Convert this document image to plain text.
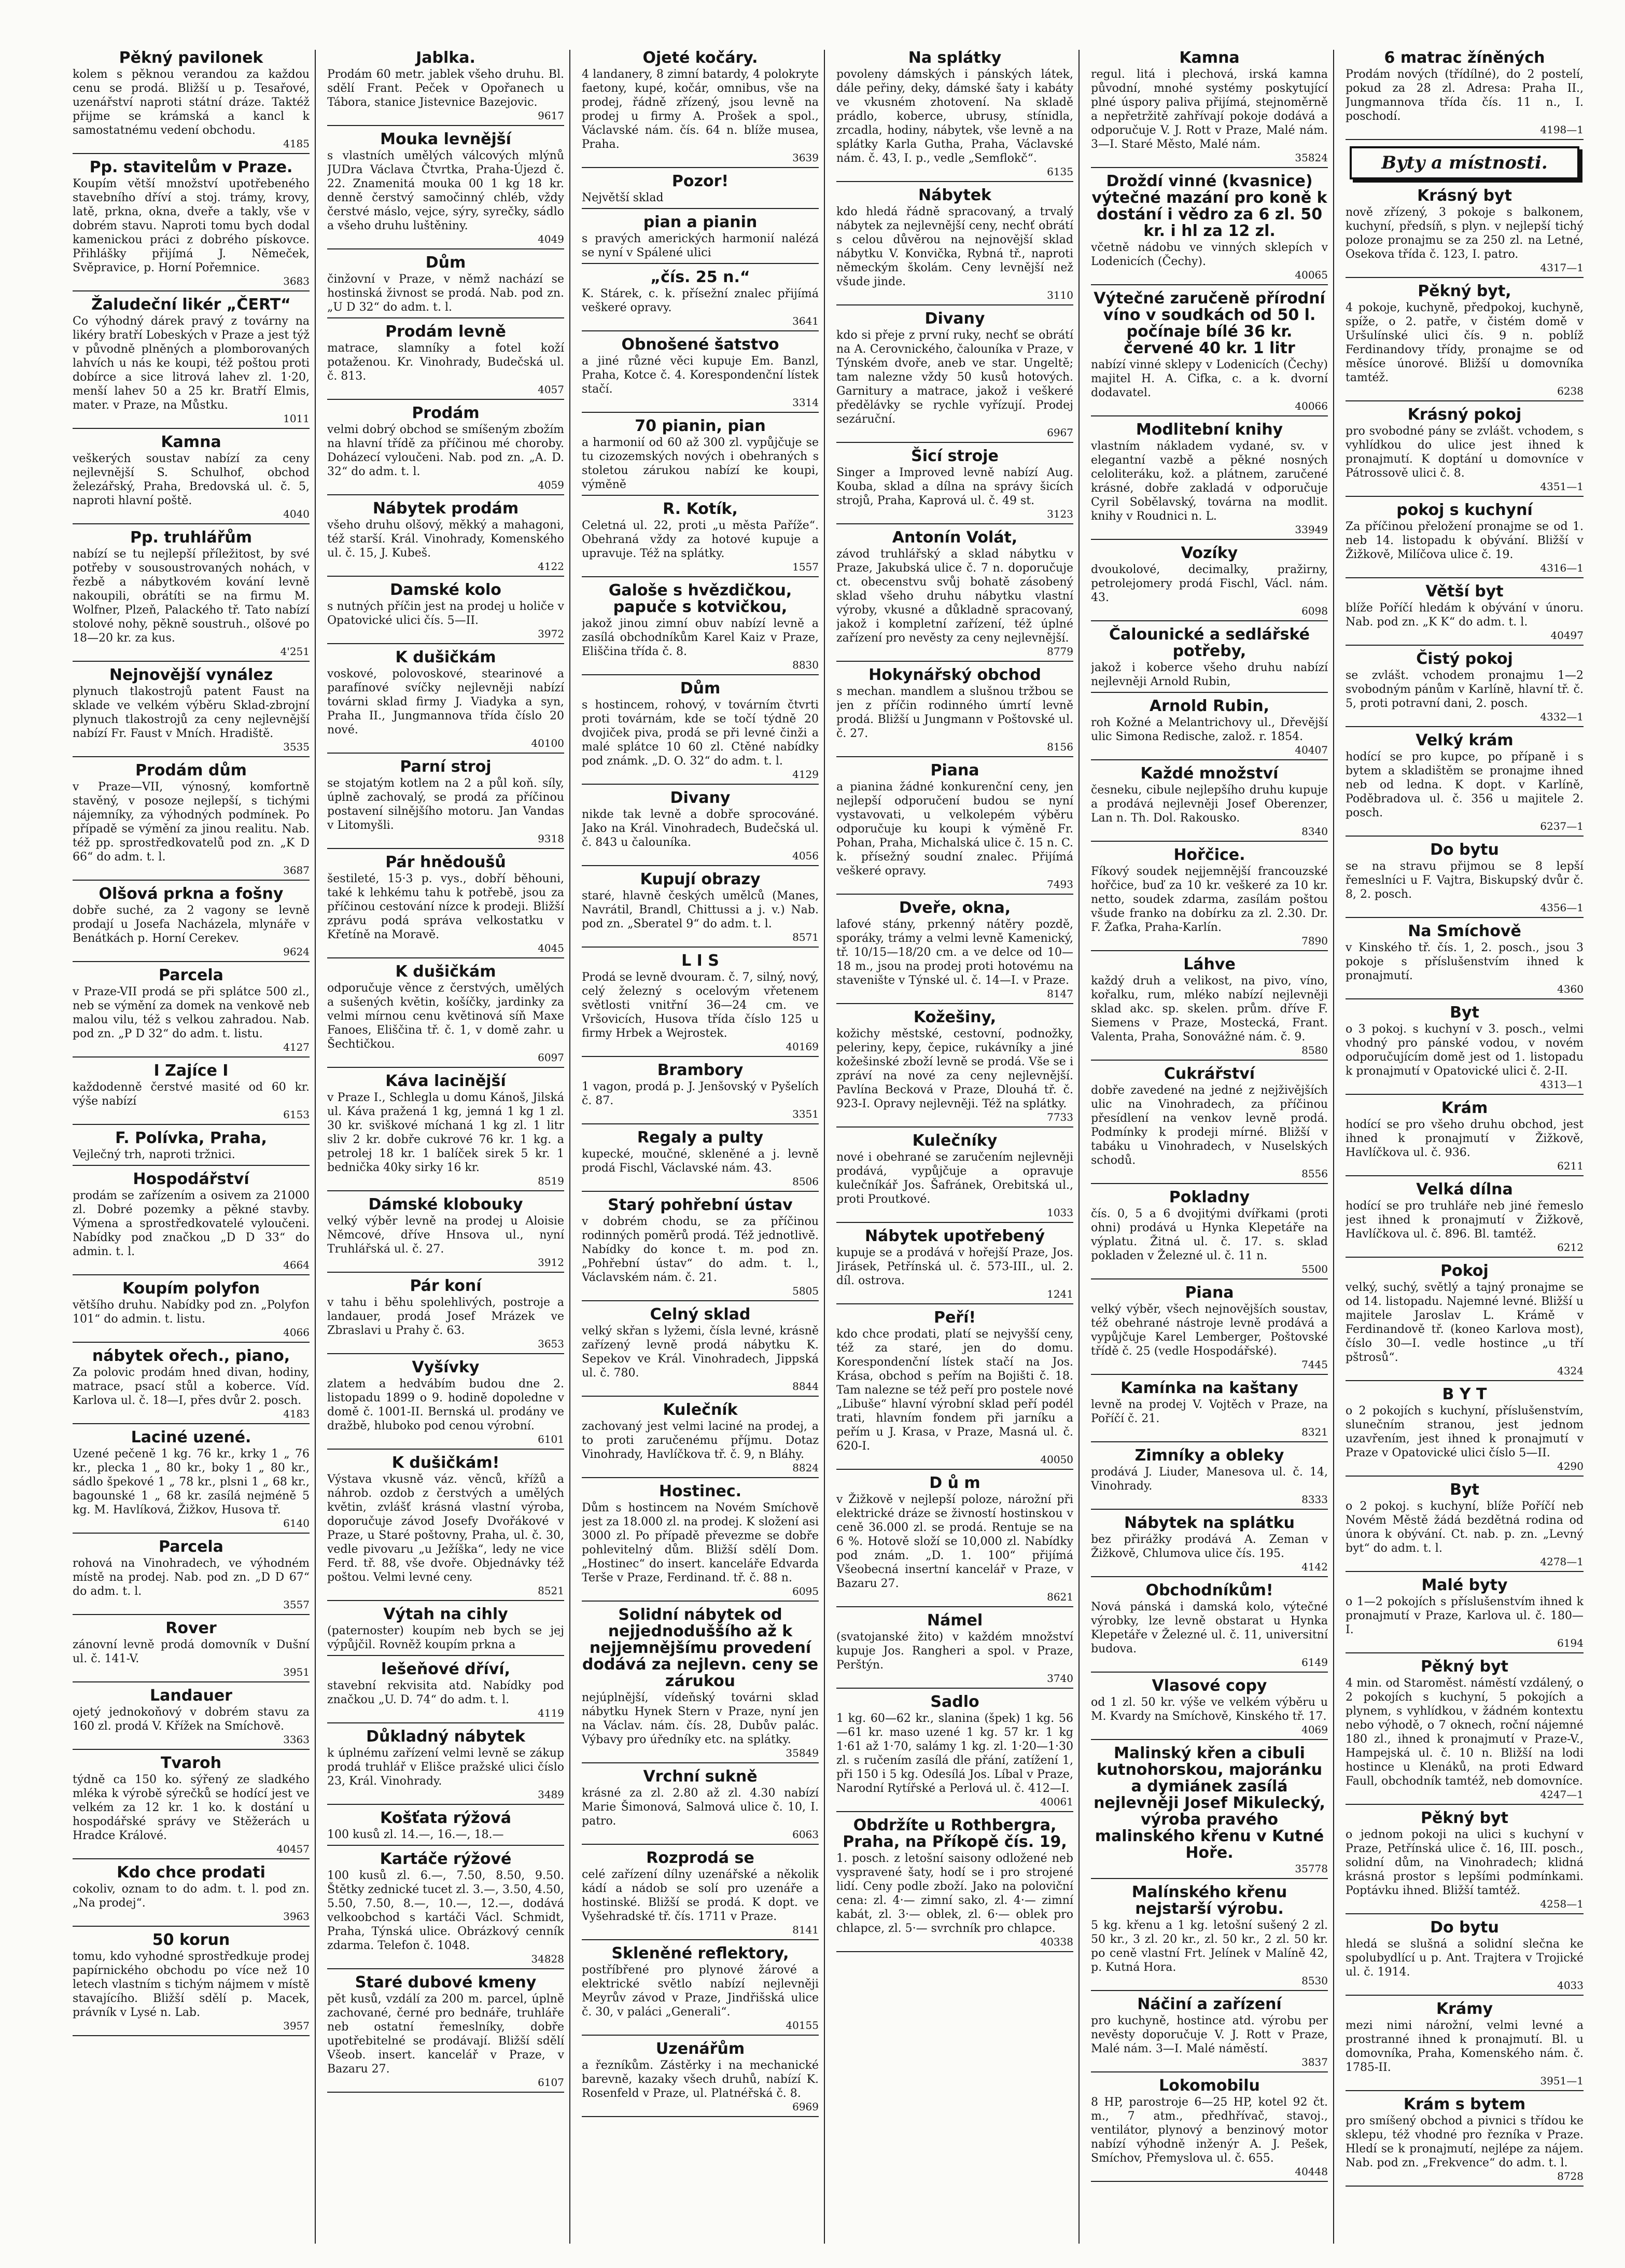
Pěkný pavilonek
kolem s pěknou verandou za každou cenu se prodá. Bližší u p. Tesařové, uzenářství naproti státní dráze. Taktéž přijme se krámská a kancl k samostatnému vedení obchodu.
4185
Pp. stavitelům v Praze.
Koupím větší množství upotřebeného stavebního dříví a stoj. trámy, krovy, latě, prkna, okna, dveře a takly, vše v dobrém stavu. Naproti tomu bych dodal kamenickou práci z dobrého pískovce. Přihlášky přijímá J. Němeček, Svěpravice, p. Horní Pořemnice.
3683
Žaludeční likér „ČERT“
Co výhodný dárek pravý z továrny na likéry bratří Lobeských v Praze a jest týž v původně plněných a plomborovaných lahvích u nás ke koupi, též poštou proti dobírce a sice litrová lahev zl. 1·20, menší lahev 50 a 25 kr. Bratří Elmis, mater. v Praze, na Můstku.
1011
Kamna
veškerých soustav nabízí za ceny nejlevnější S. Schulhof, obchod železářský, Praha, Bredovská ul. č. 5, naproti hlavní poště.
4040
Pp. truhlářům
nabízí se tu nejlepší příležitost, by své potřeby v sousoustrovaných nohách, v řezbě a nábytkovém kování levně nakoupili, obrátíti se na firmu M. Wolfner, Plzeň, Palackého tř. Tato nabízí stolové nohy, pěkně soustruh., olšové po 18—20 kr. za kus.
4'251
Nejnovější vynález
plynuch tlakostrojů patent Faust na sklade ve velkém výběru Sklad-zbrojní plynuch tlakostrojů za ceny nejlevnější nabízí Fr. Faust v Mních. Hradiště.
3535
Prodám dům
v Praze—VII, výnosný, komfortně stavěný, v posoze nejlepší, s tichými nájemníky, za výhodných podmínek. Po případě se výmění za jinou realitu. Nab. též pp. sprostředkovatelů pod zn. „K D 66“ do adm. t. l.
3687
Olšová prkna a fošny
dobře suché, za 2 vagony se levně prodají u Josefa Nacházela, mlynáře v Benátkách p. Horní Cerekev.
9624
Parcela
v Praze-VII prodá se při splátce 500 zl., neb se výmění za domek na venkově neb malou vilu, též s velkou zahradou. Nab. pod zn. „P D 32“ do adm. t. listu.
4127
I Zajíce I
každodenně čerstvé masité od 60 kr. výše nabízí
6153
F. Polívka, Praha,
Vejlečný trh, naproti tržnici.
Hospodářství
prodám se zařízením a osivem za 21000 zl. Dobré pozemky a pěkné stavby. Výmena a sprostředkovatelé vyloučeni. Nabídky pod značkou „D D 33“ do admin. t. l.
4664
Koupím polyfon
většího druhu. Nabídky pod zn. „Polyfon 101“ do admin. t. listu.
4066
nábytek ořech., piano,
Za polovic prodám hned divan, hodiny, matrace, psací stůl a koberce. Víd. Karlova ul. č. 18—I, přes dvůr 2. posch.
4183
Laciné uzené.
Uzené pečeně 1 kg. 76 kr., krky 1 „ 76 kr., plecka 1 „ 80 kr., boky 1 „ 80 kr., sádlo špekové 1 „ 78 kr., plsni 1 „ 68 kr., bagounské 1 „ 68 kr. zasílá nejméně 5 kg. M. Havlíková, Žižkov, Husova tř.
6140
Parcela
rohová na Vinohradech, ve výhodném místě na prodej. Nab. pod zn. „D D 67“ do adm. t. l.
3557
Rover
zánovní levně prodá domovník v Dušní ul. č. 141-V.
3951
Landauer
ojetý jednokoňový v dobrém stavu za 160 zl. prodá V. Křížek na Smíchově.
3363
Tvaroh
týdně ca 150 ko. sýřený ze sladkého mléka k výrobě sýrečků se hodící jest ve velkém za 12 kr. 1 ko. k dostání u hospodářské správy ve Stěžerách u Hradce Králové.
40457
Kdo chce prodati
cokoliv, oznam to do adm. t. l. pod zn. „Na prodej“.
3963
50 korun
tomu, kdo vyhodné sprostředkuje prodej papírnického obchodu po více než 10 letech vlastním s tichým nájmem v místě stavajícího. Bližší sdělí p. Macek, právník v Lysé n. Lab.
3957
Jablka.
Prodám 60 metr. jablek všeho druhu. Bl. sdělí Frant. Peček v Opořanech u Tábora, stanice Jistevnice Bazejovic.
9617
Mouka levnější
s vlastních umělých válcových mlýnů JUDra Václava Čtvrtka, Praha-Újezd č. 22. Znamenitá mouka 00 1 kg 18 kr. denně čerstvý samočinný chléb, vždy čerstvé máslo, vejce, sýry, syrečky, sádlo a všeho druhu luštěniny.
4049
Dům
činžovní v Praze, v němž nachází se hostinská živnost se prodá. Nab. pod zn. „U D 32“ do adm. t. l.
Prodám levně
matrace, slamníky a fotel koží potaženou. Kr. Vinohrady, Budečská ul. č. 813.
4057
Prodám
velmi dobrý obchod se smíšeným zbožím na hlavní třídě za příčinou mé choroby. Doházecí vyloučeni. Nab. pod zn. „A. D. 32“ do adm. t. l.
4059
Nábytek prodám
všeho druhu olšový, měkký a mahagoni, též starší. Král. Vinohrady, Komenského ul. č. 15, J. Kubeš.
4122
Damské kolo
s nutných příčin jest na prodej u holiče v Opatovické ulici čís. 5—II.
3972
K dušičkám
voskové, polovoskové, stearinové a parafínové svíčky nejlevněji nabízí továrni sklad firmy J. Viadyka a syn, Praha II., Jungmannova třída číslo 20 nové.
40100
Parní stroj
se stojatým kotlem na 2 a půl koň. síly, úplně zachovalý, se prodá za příčinou postavení silnějšího motoru. Jan Vandas v Litomyšli.
9318
Pár hnědoušů
šestileté, 15·3 p. vys., dobří běhouni, také k lehkému tahu k potřebě, jsou za příčinou cestování nízce k prodeji. Bližší zprávu podá správa velkostatku v Křetíně na Moravě.
4045
K dušičkám
odporučuje věnce z čerstvých, umělých a sušených květin, košíčky, jardinky za velmi mírnou cenu květinová síň Maxe Fanoes, Eliščina tř. č. 1, v domě zahr. u Šechtičkou.
6097
Káva lacinější
v Praze I., Schlegla u domu Kánoš, Jilská ul. Káva pražená 1 kg, jemná 1 kg 1 zl. 30 kr. sviškové míchaná 1 kg zl. 1 litr sliv 2 kr. dobře cukrové 76 kr. 1 kg. a petrolej 18 kr. 1 balíček sirek 5 kr. 1 bednička 40ky sirky 16 kr.
8519
Dámské klobouky
velký výběr levně na prodej u Aloisie Němcové, dříve Hnsova ul., nyní Truhlářská ul. č. 27.
3912
Pár koní
v tahu i běhu spolehlivých, postroje a landauer, prodá Josef Mrázek ve Zbraslavi u Prahy č. 63.
3653
Vyšívky
zlatem a hedvábím budou dne 2. listopadu 1899 o 9. hodině dopoledne v domě č. 1001-II. Bernská ul. prodány ve dražbě, hluboko pod cenou výrobní.
6101
K dušičkám!
Výstava vkusně váz. věnců, křížů a náhrob. ozdob z čerstvých a umělých květin, zvlášť krásná vlastní výroba, doporučuje závod Josefy Dvořákové v Praze, u Staré poštovny, Praha, ul. č. 30, vedle pivovaru „u Ježíška“, ledy ne vice Ferd. tř. 88, vše dvoře. Objednávky též poštou. Velmi levné ceny.
8521
Výtah na cihly
(paternoster) koupím neb bych se jej výpůjčil. Rovněž koupím prkna a
lešeňové dříví,
stavební rekvisita atd. Nabídky pod značkou „U. D. 74“ do adm. t. l.
4119
Důkladný nábytek
k úplnému zařízení velmi levně se zákup prodá truhlář v Elišce pražské ulici číslo 23, Král. Vinohrady.
3489
Košťata rýžová
100 kusů zl. 14.—, 16.—, 18.—
Kartáče rýžové
100 kusů zl. 6.—, 7.50, 8.50, 9.50. Štětky zednické tucet zl. 3.—, 3.50, 4.50, 5.50, 7.50, 8.—, 10.—, 12.—, dodává velkoobchod s kartáči Václ. Schmidt, Praha, Týnská ulice. Obrázkový cenník zdarma. Telefon č. 1048.
34828
Staré dubové kmeny
pět kusů, vzdálí za 200 m. parcel, úplně zachované, černé pro bednáře, truhláře neb ostatní řemeslníky, dobře upotřebitelné se prodávají. Bližší sdělí Všeob. insert. kancelář v Praze, v Bazaru 27.
6107
Ojeté kočáry.
4 landanery, 8 zimní batardy, 4 polokryte faetony, kupé, kočár, omnibus, vše na prodej, řádně zřízený, jsou levně na prodej u firmy A. Prošek a spol., Václavské nám. čís. 64 n. blíže musea, Praha.
3639
Pozor!
Největší sklad
pian a pianin
s pravých amerických harmonií nalézá se nyní v Spálené ulici
„čís. 25 n.“
K. Stárek, c. k. přísežní znalec přijímá veškeré opravy.
3641
Obnošené šatstvo
a jiné různé věci kupuje Em. Banzl, Praha, Kotce č. 4. Korespondenční lístek stačí.
3314
70 pianin, pian
a harmonií od 60 až 300 zl. vypůjčuje se tu cizozemských nových i obehraných s stoletou zárukou nabízí ke koupi, výměně
R. Kotík,
Celetná ul. 22, proti „u města Paříže“. Obehraná vždy za hotové kupuje a upravuje. Též na splátky.
1557
Galoše s hvězdičkou, papuče s kotvičkou,
jakož jinou zimní obuv nabízí levně a zasílá obchodníkům Karel Kaiz v Praze, Eliščina třída č. 8.
8830
Dům
s hostincem, rohový, v továrním čtvrti proti továrnám, kde se točí týdně 20 dvojiček piva, prodá se při levné činži a malé splátce 10 60 zl. Ctěné nabídky pod známk. „D. O. 32“ do adm. t. l.
4129
Divany
nikde tak levně a dobře sprocováné. Jako na Král. Vinohradech, Budečská ul. č. 843 u čalouníka.
4056
Kupují obrazy
staré, hlavně českých umělců (Manes, Navrátil, Brandl, Chittussi a j. v.) Nab. pod zn. „Sberatel 9“ do adm. t. l.
8571
L I S
Prodá se levně dvouram. č. 7, silný, nový, celý železný s ocelovým vřetenem světlosti vnitřní 36—24 cm. ve Vršovicích, Husova třída číslo 125 u firmy Hrbek a Wejrostek.
40169
Brambory
1 vagon, prodá p. J. Jenšovský v Pyšelích č. 87.
3351
Regaly a pulty
kupecké, moučné, skleněné a j. levně prodá Fischl, Václavské nám. 43.
8506
Starý pohřební ústav
v dobrém chodu, se za příčinou rodinných poměrů prodá. Též jednotlivě. Nabídky do konce t. m. pod zn. „Pohřební ústav“ do adm. t. l., Václavském nám. č. 21.
5805
Celný sklad
velký skřan s lyžemi, čísla levné, krásně zařízený levně prodá nábytku K. Sepekov ve Král. Vinohradech, Jippská ul. č. 780.
8844
Kulečník
zachovaný jest velmi laciné na prodej, a to proti zaručenému příjmu. Dotaz Vinohrady, Havlíčkova tř. č. 9, n Bláhy.
8824
Hostinec.
Dům s hostincem na Novém Smíchově jest za 18.000 zl. na prodej. K složení asi 3000 zl. Po případě převezme se dobře pohlevitelný dům. Bližší sdělí Dom. „Hostinec“ do insert. kanceláře Edvarda Terše v Praze, Ferdinand. tř. č. 88 n.
6095
Solidní nábytek od nejjednoduššího až k nejjemnějšímu provedení dodává za nejlevn. ceny se zárukou
nejúplnější, vídeňský továrni sklad nábytku Hynek Stern v Praze, nyní jen na Václav. nám. čís. 28, Dubův palác. Výbavy pro úředníky etc. na splátky.
35849
Vrchní sukně
krásné za zl. 2.80 až zl. 4.30 nabízí Marie Šimonová, Salmová ulice č. 10, I. patro.
6063
Rozprodá se
celé zařízení dílny uzenářské a několik kádí a nádob se solí pro uzenáře a hostinské. Bližší se prodá. K dopt. ve Vyšehradské tř. čís. 1711 v Praze.
8141
Skleněné reflektory,
postříbřené pro plynové žárové a elektrické světlo nabízí nejlevněji Meyrův závod v Praze, Jindřišská ulice č. 30, v paláci „Generali“.
40155
Uzenářům
a řezníkům. Zástěrky i na mechanické barevně, kazaky všech druhů, nabízí K. Rosenfeld v Praze, ul. Platnéřská č. 8.
6969
Na splátky
povoleny dámských i pánských látek, dále peřiny, deky, dámské šaty i kabáty ve vkusném zhotovení. Na skladě prádlo, koberce, ubrusy, stínidla, zrcadla, hodiny, nábytek, vše levně a na splátky Karla Gutha, Praha, Václavské nám. č. 43, I. p., vedle „Semflokč“.
6135
Nábytek
kdo hledá řádně spracovaný, a trvalý nábytek za nejlevnější ceny, nechť obrátí s celou důvěrou na nejnovější sklad nábytku V. Konvička, Rybná tř., naproti německým školám. Ceny levnější než všude jinde.
3110
Divany
kdo si přeje z první ruky, nechť se obrátí na A. Cerovnického, čalouníka v Praze, v Týnském dvoře, aneb ve star. Ungeltě; tam nalezne vždy 50 kusů hotových. Garnitury a matrace, jakož i veškeré předělávky se rychle vyřízují. Prodej sezáruční.
6967
Šicí stroje
Singer a Improved levně nabízí Aug. Kouba, sklad a dílna na správy šicích strojů, Praha, Kaprová ul. č. 49 st.
3123
Antonín Volát,
závod truhlářský a sklad nábytku v Praze, Jakubská ulice č. 7 n. doporučuje ct. obecenstvu svůj bohatě zásobený sklad všeho druhu nábytku vlastní výroby, vkusné a důkladně spracovaný, jakož i kompletní zařízení, též úplné zařízení pro nevěsty za ceny nejlevnější.
8779
Hokynářský obchod
s mechan. mandlem a slušnou tržbou se jen z příčin rodinného úmrtí levně prodá. Bližší u Jungmann v Poštovské ul. č. 27.
8156
Piana
a pianina žádné konkurenční ceny, jen nejlepší odporučení budou se nyní vystavovati, u velkolepém výběru odporučuje ku koupi k výměně Fr. Pohan, Praha, Michalská ulice č. 15 n. C. k. přísežný soudní znalec. Přijímá veškeré opravy.
7493
Dveře, okna,
lafové stány, prkenný nátěry pozdě, sporáky, trámy a velmi levně Kamenický, tř. 10/15—18/20 cm. a ve delce od 10—18 m., jsou na prodej proti hotovému na stavenište v Týnské ul. č. 14—I. v Praze.
8147
Kožešiny,
kožichy městské, cestovní, podnožky, peleriny, kepy, čepice, rukávníky a jiné kožešinské zboží levně se prodá. Vše se i zpráví na nové za ceny nejlevnější. Pavlína Becková v Praze, Dlouhá tř. č. 923-I. Opravy nejlevněji. Též na splátky.
7733
Kulečníky
nové i obehrané se zaručením nejlevněji prodává, vypůjčuje a opravuje kulečníkář Jos. Šafránek, Orebitská ul., proti Proutkové.
1033
Nábytek upotřebený
kupuje se a prodává v hořejší Praze, Jos. Jirásek, Petřínská ul. č. 573-III., ul. 2. díl. ostrova.
1241
Peří!
kdo chce prodati, platí se nejvyšší ceny, též za staré, jen do domu. Korespondenční lístek stačí na Jos. Krása, obchod s peřím na Bojišti č. 18. Tam nalezne se též peří pro postele nové „Libuše“ hlavní výrobní sklad peří podél trati, hlavním fondem při jarníku a peřím u J. Krasa, v Praze, Masná ul. č. 620-I.
40050
D ů m
v Žižkově v nejlepší poloze, nárožní při elektrické dráze se živností hostinskou v ceně 36.000 zl. se prodá. Rentuje se na 6 %. Hotově složí se 10,000 zl. Nabídky pod znám. „D. 1. 100“ přijímá Všeobecná insertní kancelář v Praze, v Bazaru 27.
8621
Námel
(svatojanské žito) v každém množství kupuje Jos. Rangheri a spol. v Praze, Perštýn.
3740
Sadlo
1 kg. 60—62 kr., slanina (špek) 1 kg. 56—61 kr. maso uzené 1 kg. 57 kr. 1 kg 1·61 až 1·70, salámy 1 kg. zl. 1·20—1·30 zl. s ručením zasílá dle přání, zatížení 1, při 150 i 5 kg. Odesílá Jos. Líbal v Praze, Narodní Rytířské a Perlová ul. č. 412—I.
40061
Obdržíte u Rothbergra, Praha, na Příkopě čís. 19,
1. posch. z letošní saisony odložené neb vyspravené šaty, hodí se i pro strojené lidí. Ceny podle zboží. Jako na poloviční cena: zl. 4·— zimní sako, zl. 4·— zimní kabát, zl. 3·— oblek, zl. 6·— oblek pro chlapce, zl. 5·— svrchník pro chlapce.
40338
Kamna
regul. litá i plechová, irská kamna původní, mnohé systémy poskytující plné úspory paliva přijímá, stejnoměrně a nepřetržitě zahřívají pokoje dodává a odporučuje V. J. Rott v Praze, Malé nám. 3—I. Staré Město, Malé nám.
35824
Droždí vinné (kvasnice) výtečné mazání pro koně k dostání i vědro za 6 zl. 50 kr. i hl za 12 zl.
včetně nádobu ve vinných sklepích v Lodenicích (Čechy).
40065
Výtečné zaručeně přírodní víno v soudkách od 50 l. počínaje bílé 36 kr. červené 40 kr. 1 litr
nabízí vinné sklepy v Lodenicích (Čechy) majitel H. A. Cifka, c. a k. dvorní dodavatel.
40066
Modlitební knihy
vlastním nákladem vydané, sv. v elegantní vazbě a pěkné nosných celoliteráku, kož. a plátnem, zaručené krásné, dobře zakladá v odporučuje Cyril Sobělavský, továrna na modlit. knihy v Roudnici n. L.
33949
Vozíky
dvoukolové, decimalky, pražirny, petrolejomery prodá Fischl, Václ. nám. 43.
6098
Čalounické a sedlářské potřeby,
jakož i koberce všeho druhu nabízí nejlevněji Arnold Rubin,
Arnold Rubin,
roh Kožné a Melantrichovy ul., Dřevější ulic Simona Redische, založ. r. 1854.
40407
Každé množství
česneku, cibule nejlepšího druhu kupuje a prodává nejlevněji Josef Oberenzer, Lan n. Th. Dol. Rakousko.
8340
Hořčice.
Fíkový soudek nejjemnější francouzské hořčice, buď za 10 kr. veškeré za 10 kr. netto, soudek zdarma, zasílám poštou všude franko na dobírku za zl. 2.30. Dr. F. Žaťka, Praha-Karlín.
7890
Láhve
každý druh a velikost, na pivo, víno, kořalku, rum, mléko nabízí nejlevněji sklad akc. sp. skelen. prům. dříve F. Siemens v Praze, Mostecká, Frant. Valenta, Praha, Sonovážné nám. č. 9.
8580
Cukrářství
dobře zavedené na jedné z nejživějších ulic na Vinohradech, za příčinou přesídlení na venkov levně prodá. Podmínky k prodeji mírné. Bližší v tabáku u Vinohradech, v Nuselských schodů.
8556
Pokladny
čís. 0, 5 a 6 dvojitými dvířkami (proti ohni) prodává u Hynka Klepetáře na výplatu. Žitná ul. č. 17. s. sklad pokladen v Železné ul. č. 11 n.
5500
Piana
velký výběr, všech nejnovějších soustav, též obehrané nástroje levně prodává a vypůjčuje Karel Lemberger, Poštovské třídě č. 25 (vedle Hospodářské).
7445
Kamínka na kaštany
levně na prodej V. Vojtěch v Praze, na Poříčí č. 21.
8321
Zimníky a obleky
prodává J. Liuder, Manesova ul. č. 14, Vinohrady.
8333
Nábytek na splátku
bez přirážky prodává A. Zeman v Žižkově, Chlumova ulice čís. 195.
4142
Obchodníkům!
Nová pánská i damská kolo, výtečné výrobky, lze levně obstarat u Hynka Klepetáře v Železné ul. č. 11, universitní budova.
6149
Vlasové copy
od 1 zl. 50 kr. výše ve velkém výběru u M. Kvardy na Smíchově, Kinského tř. 17.
4069
Malinský křen a cibuli kutnohorskou, majoránku a dymiánek zasílá nejlevněji Josef Mikulecký, výroba pravého malinského křenu v Kutné Hoře.
35778
Malínského křenu nejstarší výrobu.
5 kg. křenu a 1 kg. letošní sušený 2 zl. 50 kr., 3 zl. 20 kr., zl. 50 kr., 2 zl. 50 kr. po ceně vlastní Frt. Jelínek v Malíně 42, p. Kutná Hora.
8530
Náčiní a zařízení
pro kuchyně, hostince atd. výrobu per nevěsty doporučuje V. J. Rott v Praze, Malé nám. 3—I. Malé náměstí.
3837
Lokomobilu
8 HP, parostroje 6—25 HP, kotel 92 čt. m., 7 atm., předhřívač, stavoj., ventilátor, plynový a benzinový motor nabízí výhodně inženýr A. J. Pešek, Smíchov, Přemyslova ul. č. 655.
40448
6 matrac žíněných
Prodám nových (třídílné), do 2 postelí, pokud za 28 zl. Adresa: Praha II., Jungmannova třída čís. 11 n., I. poschodí.
4198—1
Byty a místnosti.
Krásný byt
nově zřízený, 3 pokoje s balkonem, kuchyní, předsíň, s plyn. v nejlepší tichý poloze pronajmu se za 250 zl. na Letné, Osekova třída č. 123, I. patro.
4317—1
Pěkný byt,
4 pokoje, kuchyně, předpokoj, kuchyně, spíže, o 2. patře, v čistém domě v Uršulínské ulici čís. 9 n. poblíž Ferdinandovy třídy, pronajme se od měsíce únorové. Bližší u domovníka tamtéž.
6238
Krásný pokoj
pro svobodné pány se zvlášt. vchodem, s vyhlídkou do ulice jest ihned k pronajmutí. K doptání u domovníce v Pátrossově ulici č. 8.
4351—1
pokoj s kuchyní
Za příčinou přeložení pronajme se od 1. neb 14. listopadu k obývání. Bližší v Žižkově, Milíčova ulice č. 19.
4316—1
Větší byt
blíže Poříčí hledám k obývání v únoru. Nab. pod zn. „K K“ do adm. t. l.
40497
Čistý pokoj
se zvlášt. vchodem pronajmu 1—2 svobodným pánům v Karlíně, hlavní tř. č. 5, proti potravní dani, 2. posch.
4332—1
Velký krám
hodící se pro kupce, po přípaně i s bytem a skladištěm se pronajme ihned neb od ledna. K dopt. v Karlíně, Poděbradova ul. č. 356 u majitele 2. posch.
6237—1
Do bytu
se na stravu přijmou se 8 lepší řemeslníci u F. Vajtra, Biskupský dvůr č. 8, 2. posch.
4356—1
Na Smíchově
v Kinského tř. čís. 1, 2. posch., jsou 3 pokoje s příslušenstvím ihned k pronajmutí.
4360
Byt
o 3 pokoj. s kuchyní v 3. posch., velmi vhodný pro pánské vodou, v novém odporučujícím domě jest od 1. listopadu k pronajmutí v Opatovické ulici č. 2-II.
4313—1
Krám
hodící se pro všeho druhu obchod, jest ihned k pronajmutí v Žižkově, Havlíčkova ul. č. 936.
6211
Velká dílna
hodící se pro truhláře neb jiné řemeslo jest ihned k pronajmutí v Žižkově, Havlíčkova ul. č. 896. Bl. tamtéž.
6212
Pokoj
velký, suchý, světlý a tajný pronajme se od 14. listopadu. Najemné levné. Bližší u majitele Jaroslav L. Krámě v Ferdinandově tř. (koneo Karlova most), číslo 30—I. vedle hostince „u tří pštrosů“.
4324
B Y T
o 2 pokojích s kuchyní, příslušenstvím, slunečním stranou, jest jednom uzavřením, jest ihned k pronajmutí v Praze v Opatovické ulici číslo 5—II.
4290
Byt
o 2 pokoj. s kuchyní, blíže Poříčí neb Novém Městě žádá bezdětná rodina od února k obývání. Ct. nab. p. zn. „Levný byt“ do adm. t. l.
4278—1
Malé byty
o 1—2 pokojích s příslušenstvím ihned k pronajmutí v Praze, Karlova ul. č. 180—I.
6194
Pěkný byt
4 min. od Staroměst. náměstí vzdálený, o 2 pokojích s kuchyní, 5 pokojích a plynem, s vyhlídkou, v žádném kontextu nebo výhodě, o 7 oknech, roční nájemné 180 zl., ihned k pronajmutí v Praze-V., Hampejská ul. č. 10 n. Bližší na lodi hostince u Klenáků, na proti Edward Faull, obchodník tamtéž, neb domovníce.
4247—1
Pěkný byt
o jednom pokoji na ulici s kuchyní v Praze, Petřínská ulice č. 16, III. posch., solidní dům, na Vinohradech; klidná krásná prostor s lepšími podmínkami. Poptávku ihned. Bližší tamtéž.
4258—1
Do bytu
hledá se slušná a solidní slečna ke spolubydlící u p. Ant. Trajtera v Trojické ul. č. 1914.
4033
Krámy
mezi nimi nárožní, velmi levné a prostranné ihned k pronajmutí. Bl. u domovníka, Praha, Komenského nám. č. 1785-II.
3951—1
Krám s bytem
pro smíšený obchod a pivnici s třídou ke sklepu, též vhodné pro řezníka v Praze. Hledí se k pronajmutí, nejlépe za nájem. Nab. pod zn. „Frekvence“ do adm. t. l.
8728
